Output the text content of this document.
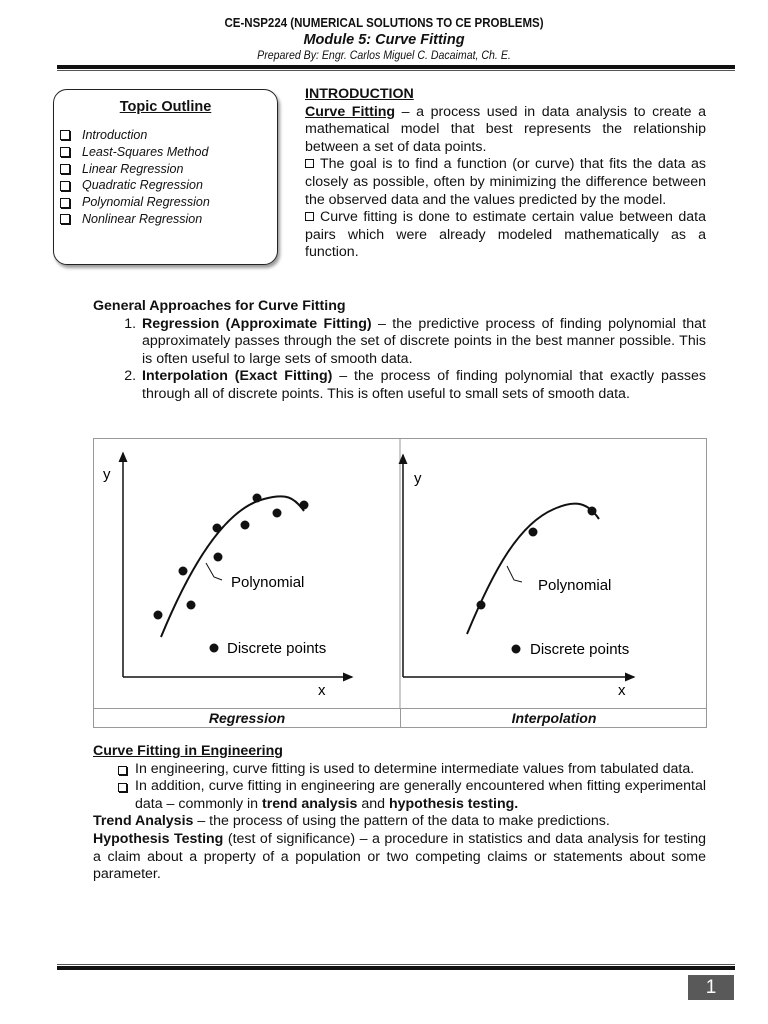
CE-NSP224 (NUMERICAL SOLUTIONS TO CE PROBLEMS)
Module 5: Curve Fitting
Prepared By: Engr. Carlos Miguel C. Dacaimat, Ch. E.
Topic Outline
Introduction
Least-Squares Method
Linear Regression
Quadratic Regression
Polynomial Regression
Nonlinear Regression
INTRODUCTION
Curve Fitting – a process used in data analysis to create a mathematical model that best represents the relationship between a set of data points.
The goal is to find a function (or curve) that fits the data as closely as possible, often by minimizing the difference between the observed data and the values predicted by the model.
Curve fitting is done to estimate certain value between data pairs which were already modeled mathematically as a function.
General Approaches for Curve Fitting
1. Regression (Approximate Fitting) – the predictive process of finding polynomial that approximately passes through the set of discrete points in the best manner possible. This is often useful to large sets of smooth data.
2. Interpolation (Exact Fitting) – the process of finding polynomial that exactly passes through all of discrete points. This is often useful to small sets of smooth data.
y
x
Polynomial
Discrete points
y
x
Polynomial
Discrete points
Regression	Interpolation
Curve Fitting in Engineering
In engineering, curve fitting is used to determine intermediate values from tabulated data.
In addition, curve fitting in engineering are generally encountered when fitting experimental data – commonly in trend analysis and hypothesis testing.
Trend Analysis – the process of using the pattern of the data to make predictions.
Hypothesis Testing (test of significance) – a procedure in statistics and data analysis for testing a claim about a property of a population or two competing claims or statements about some parameter.
1
